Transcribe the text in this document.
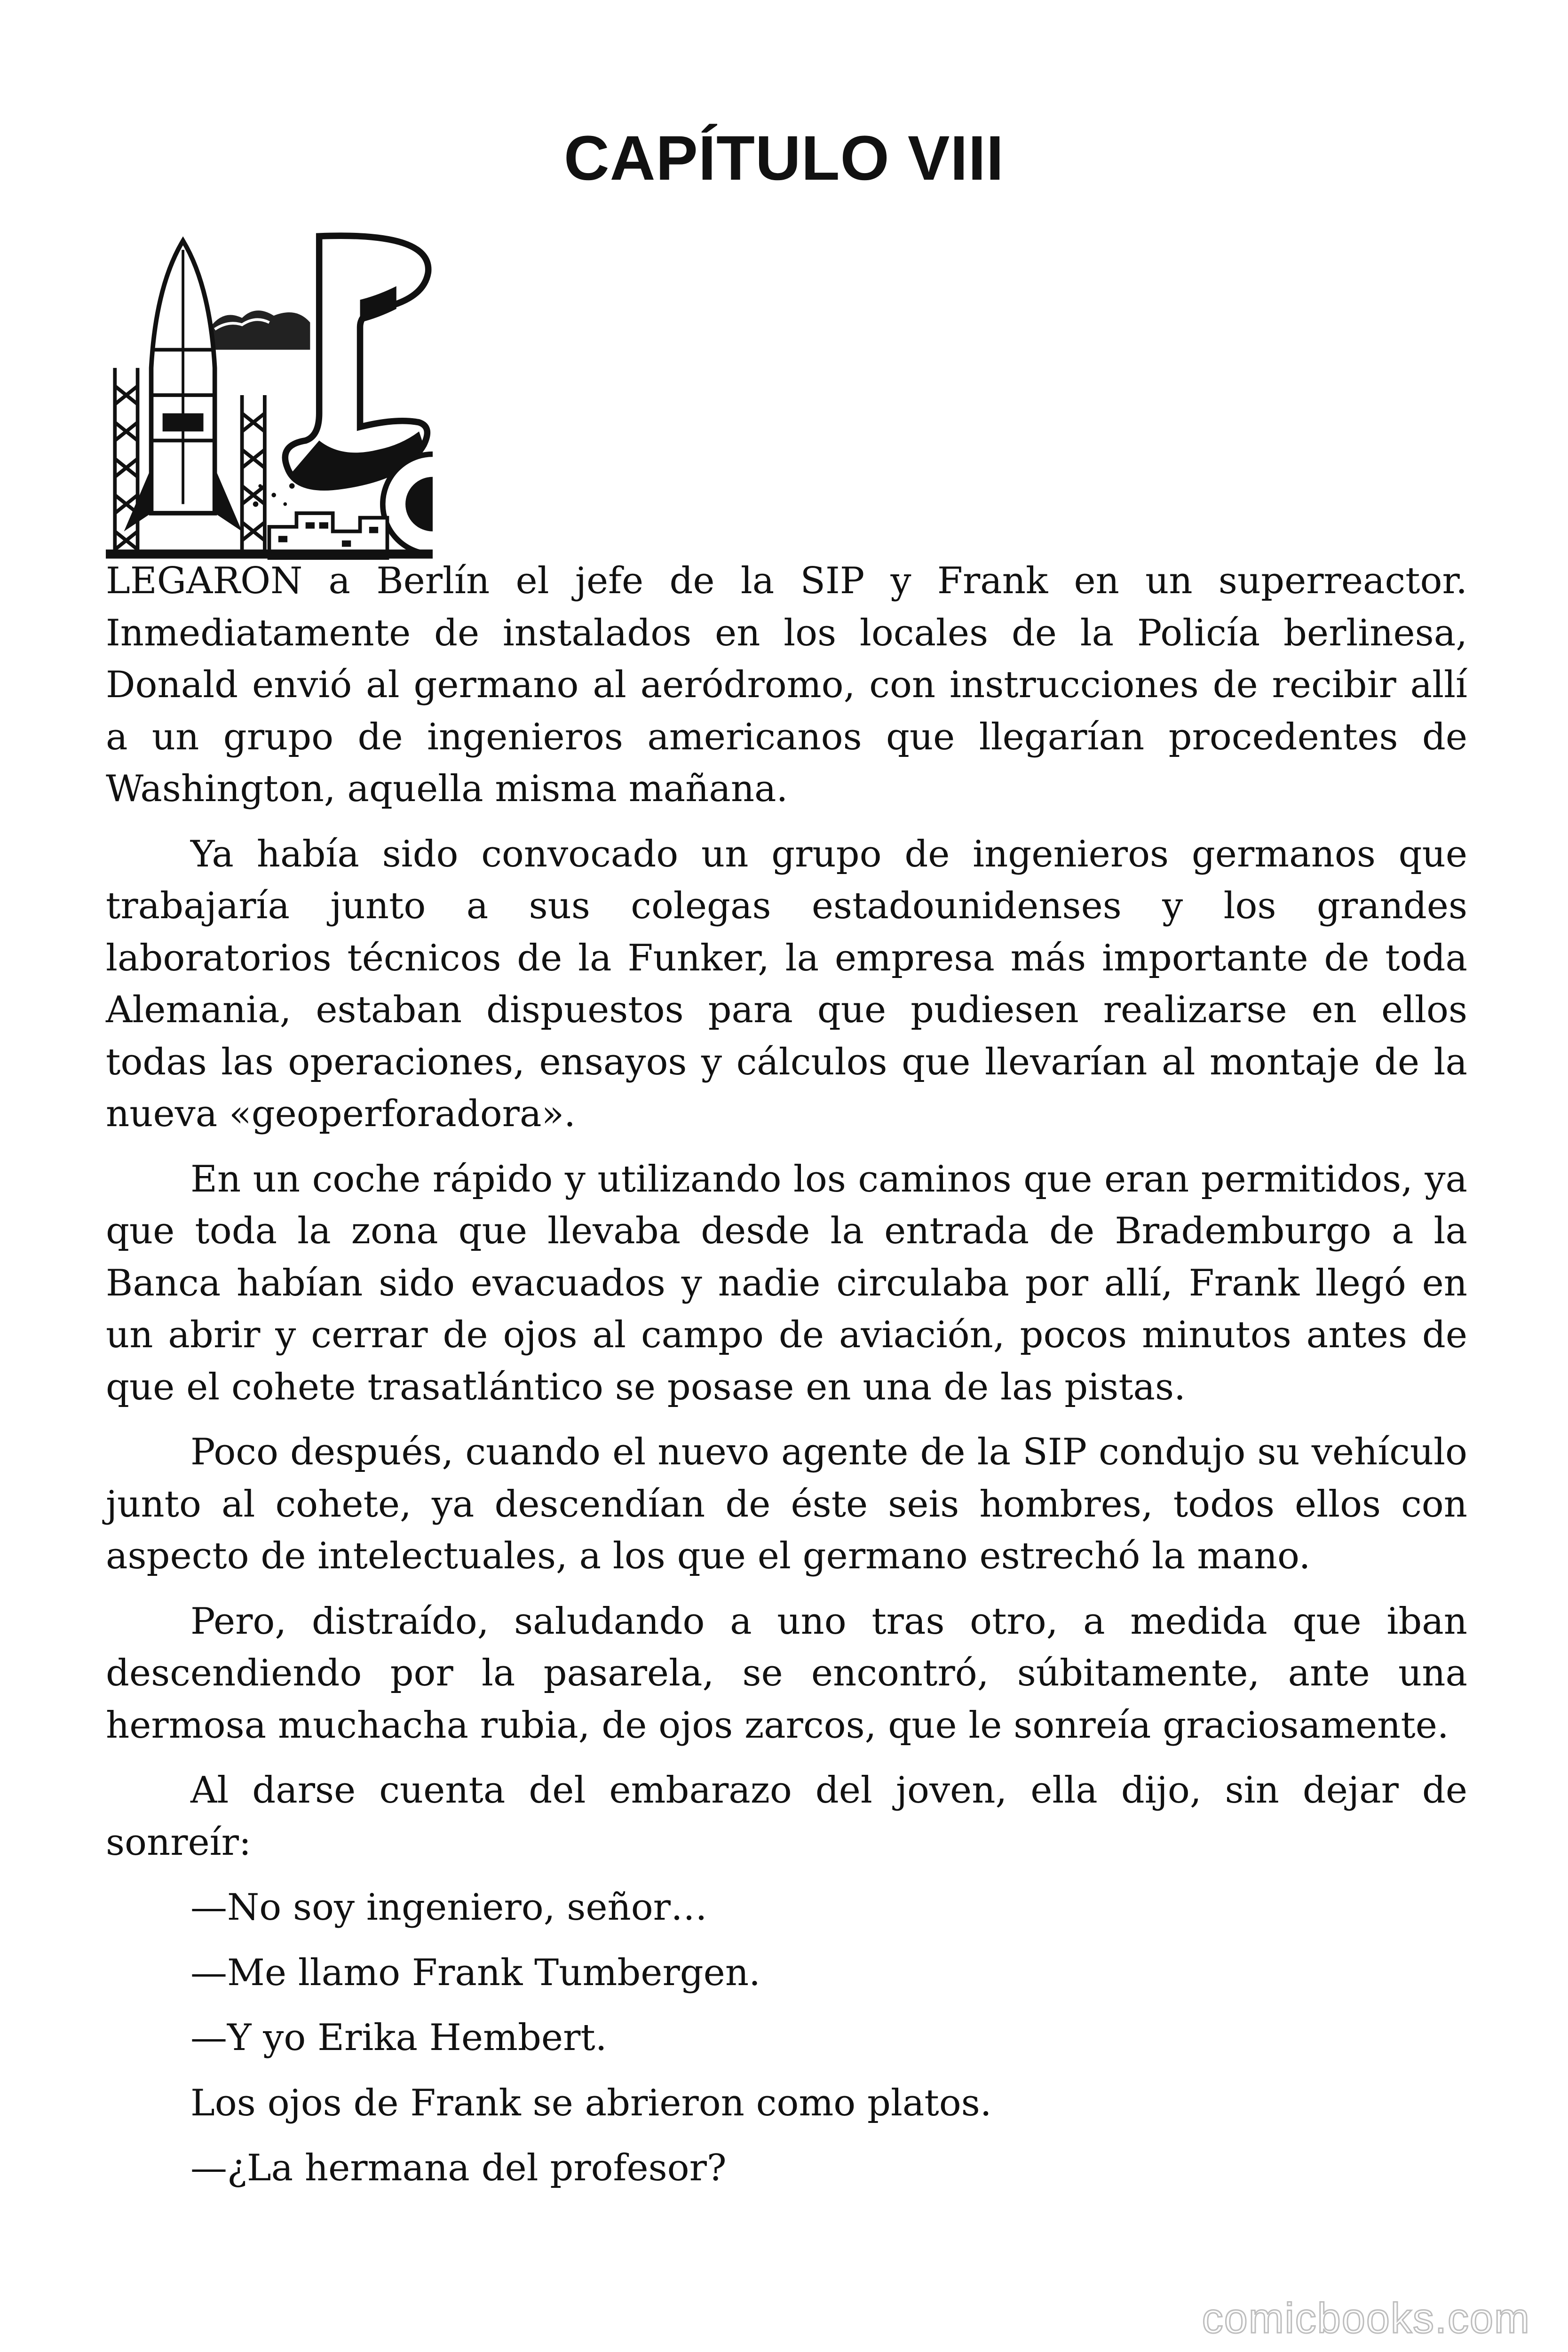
CAPÍTULO VIII

LEGARON a Berlín el jefe de la SIP y Frank en un superreactor. Inmediatamente de instalados en los locales de la Policía berlinesa, Donald envió al germano al aeródromo, con instrucciones de recibir allí a un grupo de ingenieros americanos que llegarían procedentes de Washington, aquella misma mañana.

Ya había sido convocado un grupo de ingenieros germanos que trabajaría junto a sus colegas estadounidenses y los grandes laboratorios técnicos de la Funker, la empresa más importante de toda Alemania, estaban dispuestos para que pudiesen realizarse en ellos todas las operaciones, ensayos y cálculos que llevarían al montaje de la nueva «geoperforadora».

En un coche rápido y utilizando los caminos que eran permitidos, ya que toda la zona que llevaba desde la entrada de Brademburgo a la Banca habían sido evacuados y nadie circulaba por allí, Frank llegó en un abrir y cerrar de ojos al campo de aviación, pocos minutos antes de que el cohete trasatlántico se posase en una de las pistas.

Poco después, cuando el nuevo agente de la SIP condujo su vehículo junto al cohete, ya descendían de éste seis hombres, todos ellos con aspecto de intelectuales, a los que el germano estrechó la mano.

Pero, distraído, saludando a uno tras otro, a medida que iban descendiendo por la pasarela, se encontró, súbitamente, ante una hermosa muchacha rubia, de ojos zarcos, que le sonreía graciosamente.

Al darse cuenta del embarazo del joven, ella dijo, sin dejar de sonreír:

—No soy ingeniero, señor…

—Me llamo Frank Tumbergen.

—Y yo Erika Hembert.

Los ojos de Frank se abrieron como platos.

—¿La hermana del profesor?

comicbooks.com
